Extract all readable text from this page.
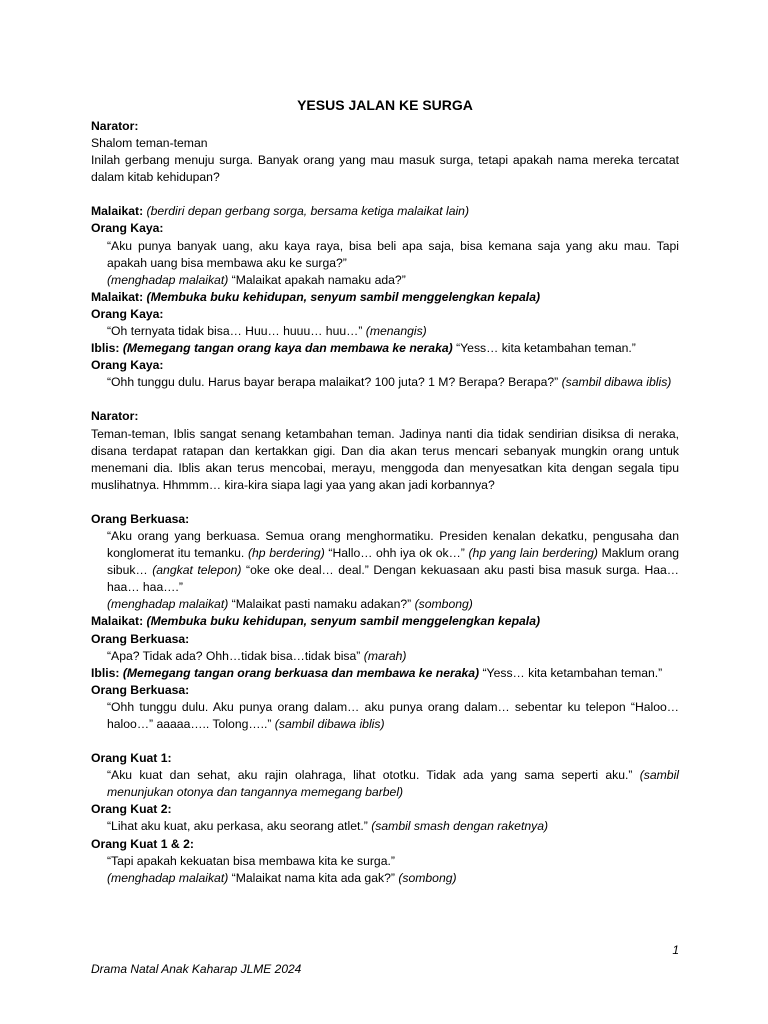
YESUS JALAN KE SURGA
Narator:
Shalom teman-teman
Inilah gerbang menuju surga. Banyak orang yang mau masuk surga, tetapi apakah nama mereka tercatat dalam kitab kehidupan?
Malaikat: (berdiri depan gerbang sorga, bersama ketiga malaikat lain)
Orang Kaya:
“Aku punya banyak uang, aku kaya raya, bisa beli apa saja, bisa kemana saja yang aku mau. Tapi apakah uang bisa membawa aku ke surga?”
(menghadap malaikat) “Malaikat apakah namaku ada?”
Malaikat: (Membuka buku kehidupan, senyum sambil menggelengkan kepala)
Orang Kaya:
“Oh ternyata tidak bisa… Huu… huuu… huu…” (menangis)
Iblis: (Memegang tangan orang kaya dan membawa ke neraka) “Yess… kita ketambahan teman.”
Orang Kaya:
“Ohh tunggu dulu. Harus bayar berapa malaikat? 100 juta? 1 M? Berapa? Berapa?” (sambil dibawa iblis)
Narator:
Teman-teman, Iblis sangat senang ketambahan teman. Jadinya nanti dia tidak sendirian disiksa di neraka, disana terdapat ratapan dan kertakkan gigi. Dan dia akan terus mencari sebanyak mungkin orang untuk menemani dia. Iblis akan terus mencobai, merayu, menggoda dan menyesatkan kita dengan segala tipu muslihatnya. Hhmmm… kira-kira siapa lagi yaa yang akan jadi korbannya?
Orang Berkuasa:
“Aku orang yang berkuasa. Semua orang menghormatiku. Presiden kenalan dekatku, pengusaha dan konglomerat itu temanku. (hp berdering) “Hallo… ohh iya ok ok…” (hp yang lain berdering) Maklum orang sibuk… (angkat telepon) “oke oke deal… deal.” Dengan kekuasaan aku pasti bisa masuk surga. Haa… haa… haa….”
(menghadap malaikat) “Malaikat pasti namaku adakan?” (sombong)
Malaikat: (Membuka buku kehidupan, senyum sambil menggelengkan kepala)
Orang Berkuasa:
“Apa? Tidak ada? Ohh…tidak bisa…tidak bisa” (marah)
Iblis: (Memegang tangan orang berkuasa dan membawa ke neraka) “Yess… kita ketambahan teman.”
Orang Berkuasa:
“Ohh tunggu dulu. Aku punya orang dalam… aku punya orang dalam… sebentar ku telepon “Haloo… haloo…” aaaaa….. Tolong…..” (sambil dibawa iblis)
Orang Kuat 1:
“Aku kuat dan sehat, aku rajin olahraga, lihat ototku. Tidak ada yang sama seperti aku.” (sambil menunjukan otonya dan tangannya memegang barbel)
Orang Kuat 2:
“Lihat aku kuat, aku perkasa, aku seorang atlet.” (sambil smash dengan raketnya)
Orang Kuat 1 & 2:
“Tapi apakah kekuatan bisa membawa kita ke surga.”
(menghadap malaikat) “Malaikat nama kita ada gak?” (sombong)
1
Drama Natal Anak Kaharap JLME 2024
